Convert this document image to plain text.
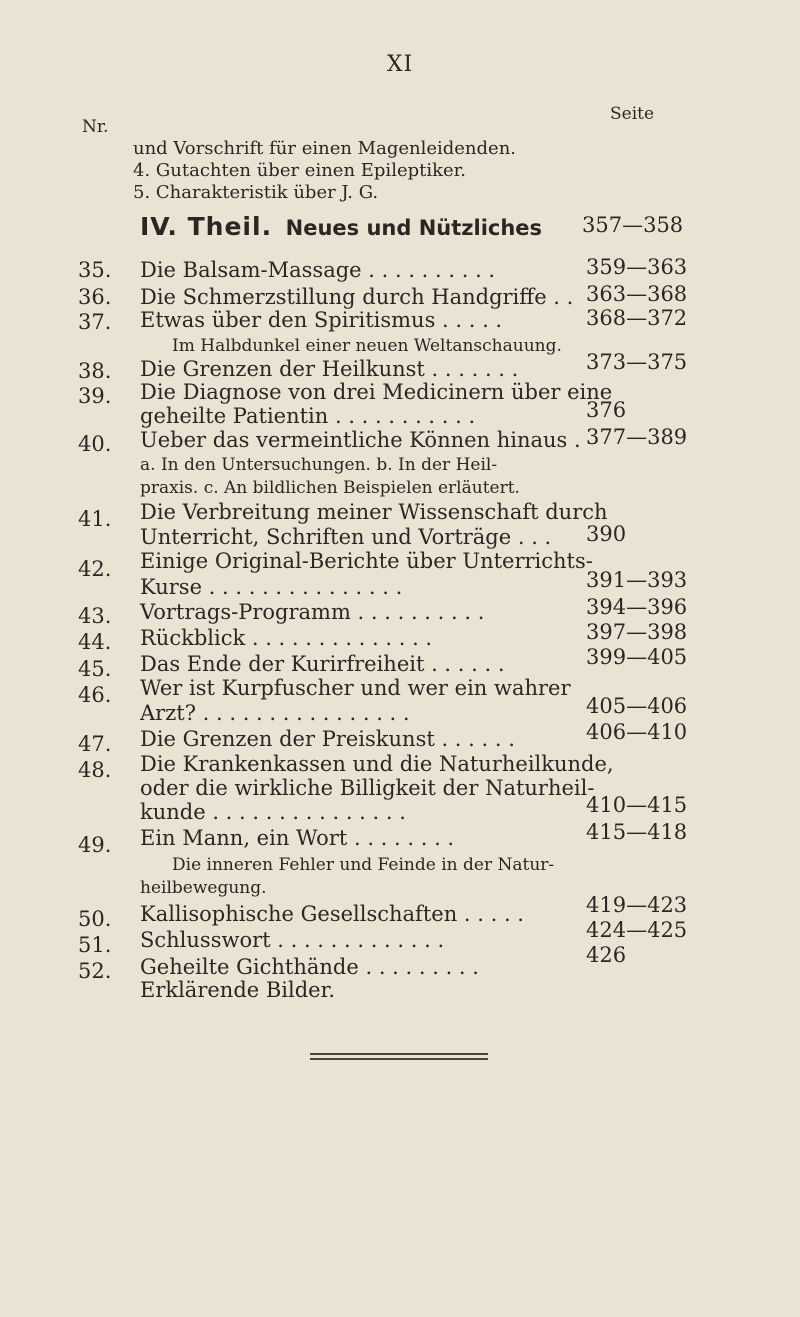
XI
Seite
Nr.
und Vorschrift für einen Magenleidenden.
4. Gutachten über einen Epileptiker.
5. Charakteristik über J. G.
IV. Theil. Neues und Nützliches 357—358
35. Die Balsam-Massage . . . . . . . . . .	359—363
36. Die Schmerzstillung durch Handgriffe . . 363—368
37. Etwas über den Spiritismus . . . . .	368—372
Im Halbdunkel einer neuen Weltanschauung.
38. Die Grenzen der Heilkunst . . . . . . .	373—375
39. Die Diagnose von drei Medicinern über eine
geheilte Patientin . . . . . . . . . . .	376
40. Ueber das vermeintliche Können hinaus . 377—389
a. In den Untersuchungen. b. In der Heil-
praxis. c. An bildlichen Beispielen erläutert.
41. Die Verbreitung meiner Wissenschaft durch
Unterricht, Schriften und Vorträge . . . 390
42. Einige Original-Berichte über Unterrichts-
Kurse . . . . . . . . . . . . . . .	391—393
43. Vortrags-Programm . . . . . . . . . .	394—396
44. Rückblick . . . . . . . . . . . . . .	397—398
45. Das Ende der Kurirfreiheit . . . . . .	399—405
46. Wer ist Kurpfuscher und wer ein wahrer
Arzt? . . . . . . . . . . . . . . . .	405—406
47. Die Grenzen der Preiskunst . . . . . .	406—410
48. Die Krankenkassen und die Naturheilkunde,
oder die wirkliche Billigkeit der Naturheil-
kunde . . . . . . . . . . . . . . .	410—415
49. Ein Mann, ein Wort . . . . . . . .	415—418
Die inneren Fehler und Feinde in der Natur-
heilbewegung.
50. Kallisophische Gesellschaften . . . . .	419—423
51. Schlusswort . . . . . . . . . . . . .	424—425
52. Geheilte Gichthände . . . . . . . . .	426
Erklärende Bilder.
